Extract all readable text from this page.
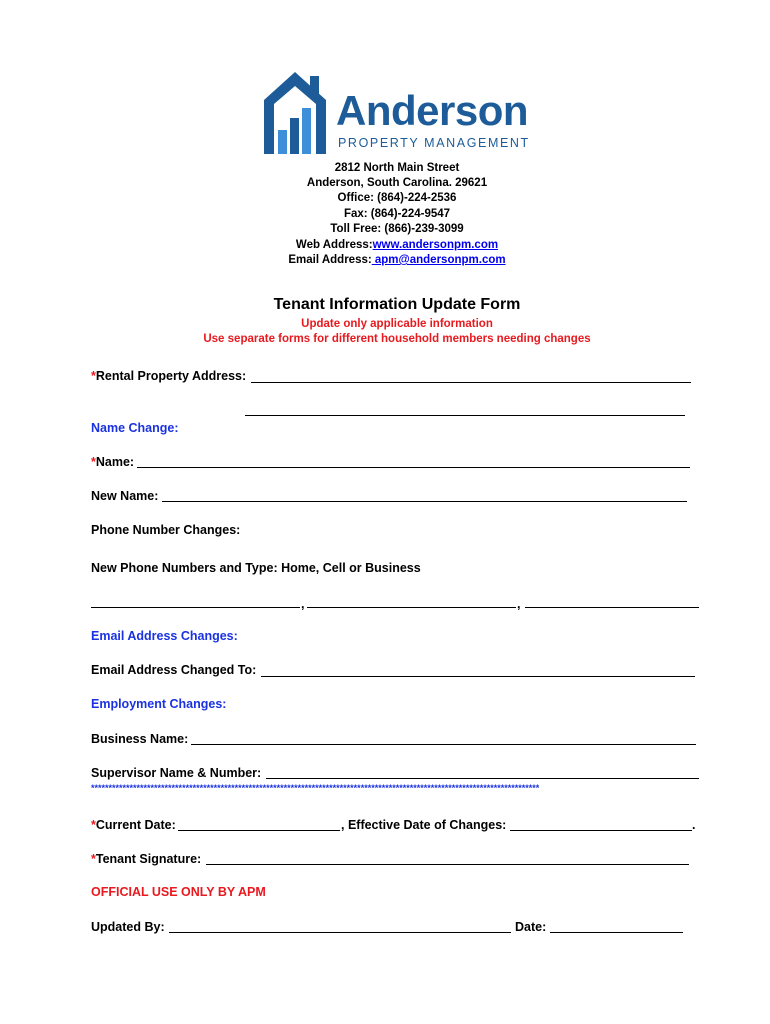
Anderson
PROPERTY MANAGEMENT
2812 North Main Street
Anderson, South Carolina. 29621
Office: (864)-224-2536
Fax: (864)-224-9547
Toll Free: (866)-239-3099
Web Address:www.andersonpm.com
Email Address: apm@andersonpm.com
Tenant Information Update Form
Update only applicable information
Use separate forms for different household members needing changes
*Rental Property Address:
Name Change:
*Name:
New Name:
Phone Number Changes:
New Phone Numbers and Type: Home, Cell or Business
,	,
Email Address Changes:
Email Address Changed To:
Employment Changes:
Business Name:
Supervisor Name & Number:
********************************************************************************************************************************
*Current Date:	, Effective Date of Changes:	.
*Tenant Signature:
OFFICIAL USE ONLY BY APM
Updated By:	Date:
